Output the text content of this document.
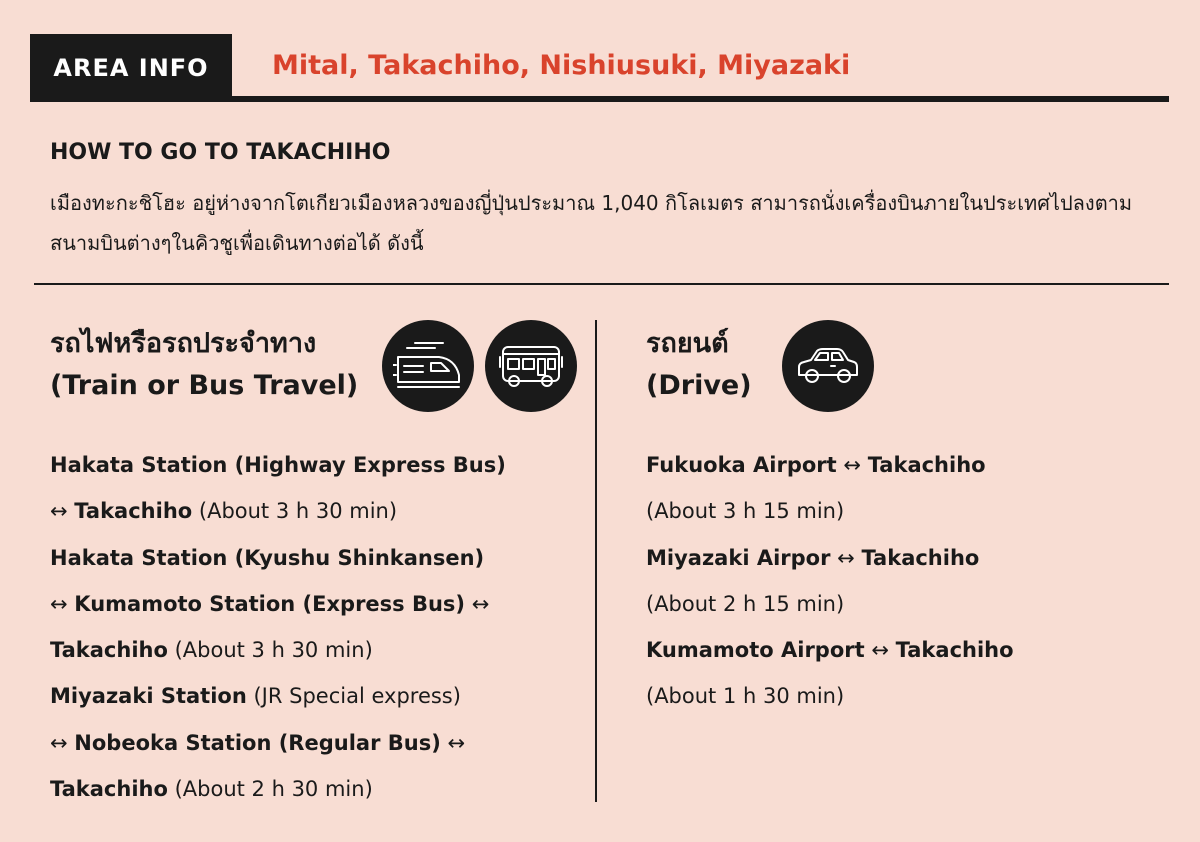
AREA INFO	Mital, Takachiho, Nishiusuki, Miyazaki
HOW TO GO TO TAKACHIHO
เมืองทะกะชิโฮะ อยู่ห่างจากโตเกียวเมืองหลวงของญี่ปุ่นประมาณ 1,040 กิโลเมตร สามารถนั่งเครื่องบินภายในประเทศไปลงตามสนามบินต่างๆในคิวชูเพื่อเดินทางต่อได้ ดังนี้
รถไฟหรือรถประจำทาง
(Train or Bus Travel)
รถยนต์
(Drive)
Hakata Station (Highway Express Bus)
↔ Takachiho (About 3 h 30 min)
Hakata Station (Kyushu Shinkansen)
↔ Kumamoto Station (Express Bus) ↔
Takachiho (About 3 h 30 min)
Miyazaki Station (JR Special express)
↔ Nobeoka Station (Regular Bus) ↔
Takachiho (About 2 h 30 min)
Fukuoka Airport ↔ Takachiho
(About 3 h 15 min)
Miyazaki Airpor ↔ Takachiho
(About 2 h 15 min)
Kumamoto Airport ↔ Takachiho
(About 1 h 30 min)
